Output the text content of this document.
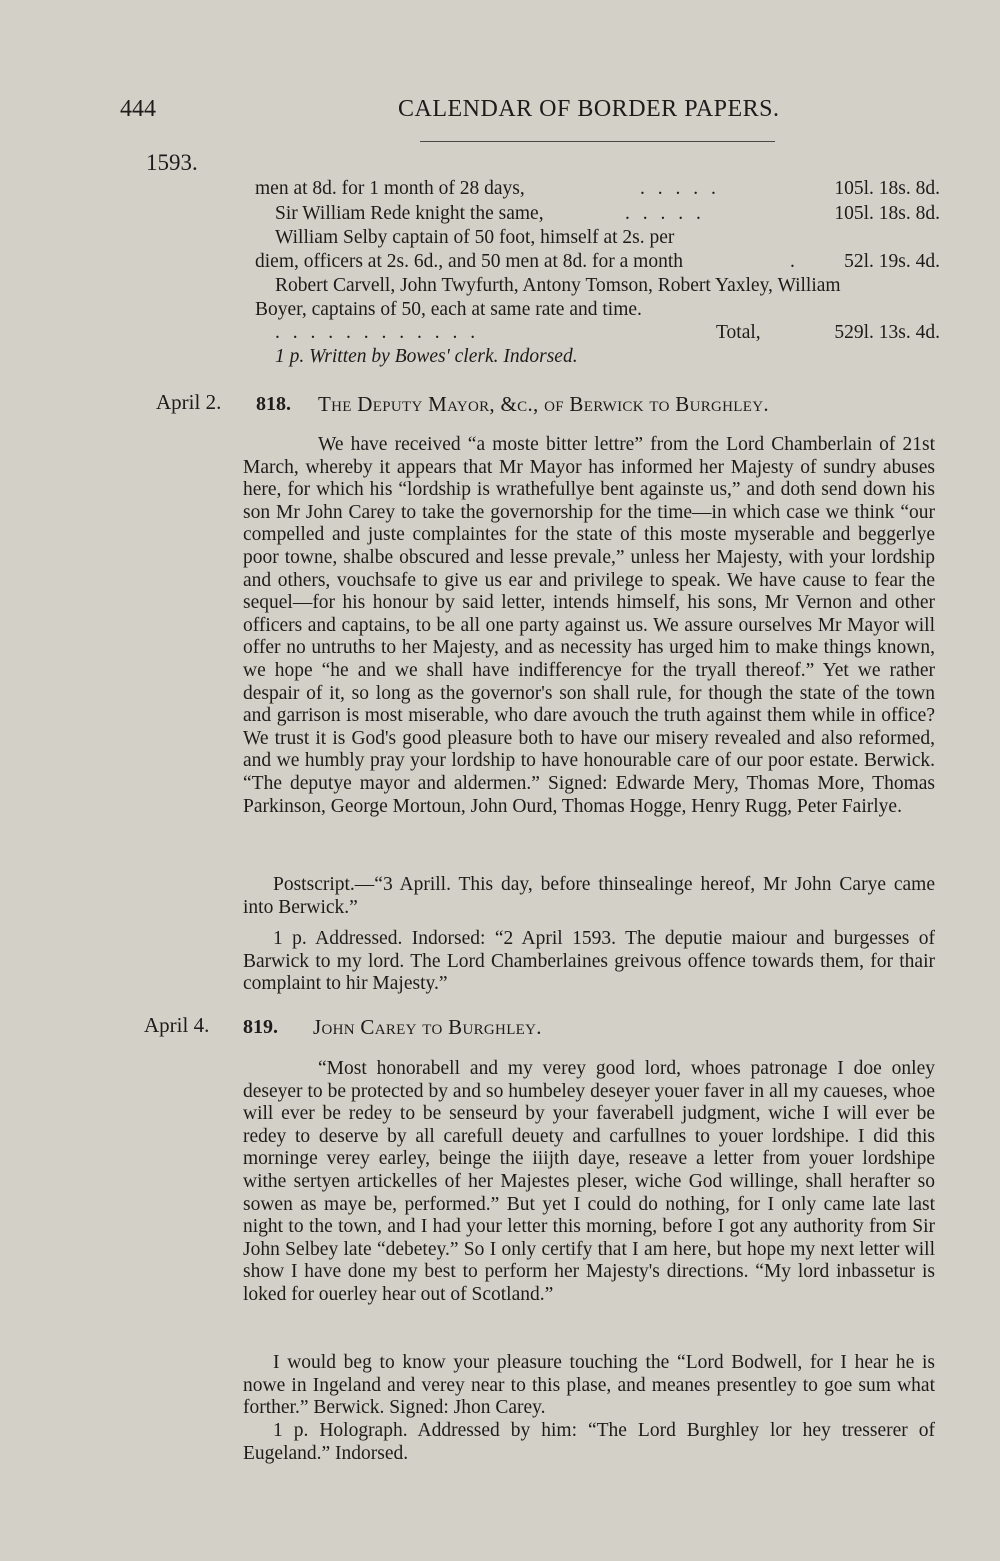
444	CALENDAR OF BORDER PAPERS.
1593.
men at 8d. for 1 month of 28 days,	. . . . .	105l. 18s. 8d.
Sir William Rede knight the same,	. . . . .	105l. 18s. 8d.
William Selby captain of 50 foot, himself at 2s. per
diem, officers at 2s. 6d., and 50 men at 8d. for a month	.	52l. 19s. 4d.
Robert Carvell, John Twyfurth, Antony Tomson, Robert Yaxley, William
Boyer, captains of 50, each at same rate and time.
. . . . . . . . . . . .	Total,	529l. 13s. 4d.
1 p. Written by Bowes' clerk. Indorsed.
April 2. 818. The Deputy Mayor, &c., of Berwick to Burghley.
We have received “a moste bitter lettre” from the Lord Chamberlain of 21st March, whereby it appears that Mr Mayor has informed her Majesty of sundry abuses here, for which his “lordship is wrathefullye bent againste us,” and doth send down his son Mr John Carey to take the governorship for the time—in which case we think “our compelled and juste complaintes for the state of this moste myserable and beggerlye poor towne, shalbe obscured and lesse prevale,” unless her Majesty, with your lordship and others, vouchsafe to give us ear and privilege to speak. We have cause to fear the sequel—for his honour by said letter, intends himself, his sons, Mr Vernon and other officers and captains, to be all one party against us. We assure ourselves Mr Mayor will offer no untruths to her Majesty, and as necessity has urged him to make things known, we hope “he and we shall have indifferencye for the tryall thereof.” Yet we rather despair of it, so long as the governor's son shall rule, for though the state of the town and garrison is most miserable, who dare avouch the truth against them while in office? We trust it is God's good pleasure both to have our misery revealed and also reformed, and we humbly pray your lordship to have honourable care of our poor estate. Berwick. “The deputye mayor and aldermen.” Signed: Edwarde Mery, Thomas More, Thomas Parkinson, George Mortoun, John Ourd, Thomas Hogge, Henry Rugg, Peter Fairlye.
Postscript.—“3 Aprill. This day, before thinsealinge hereof, Mr John Carye came into Berwick.”
1 p. Addressed. Indorsed: “2 April 1593. The deputie maiour and burgesses of Barwick to my lord. The Lord Chamberlaines greivous offence towards them, for thair complaint to hir Majesty.”
April 4. 819. John Carey to Burghley.
“Most honorabell and my verey good lord, whoes patronage I doe onley deseyer to be protected by and so humbeley deseyer youer faver in all my caueses, whoe will ever be redey to be senseurd by your faverabell judgment, wiche I will ever be redey to deserve by all carefull deuety and carfullnes to youer lordshipe. I did this morninge verey earley, beinge the iiijth daye, reseave a letter from youer lordshipe withe sertyen artickelles of her Majestes pleser, wiche God willinge, shall herafter so sowen as maye be, performed.” But yet I could do nothing, for I only came late last night to the town, and I had your letter this morning, before I got any authority from Sir John Selbey late “debetey.” So I only certify that I am here, but hope my next letter will show I have done my best to perform her Majesty's directions. “My lord inbassetur is loked for ouerley hear out of Scotland.”
I would beg to know your pleasure touching the “Lord Bodwell, for I hear he is nowe in Ingeland and verey near to this plase, and meanes presentley to goe sum what forther.” Berwick. Signed: Jhon Carey.
1 p. Holograph. Addressed by him: “The Lord Burghley lor hey tresserer of Eugeland.” Indorsed.
